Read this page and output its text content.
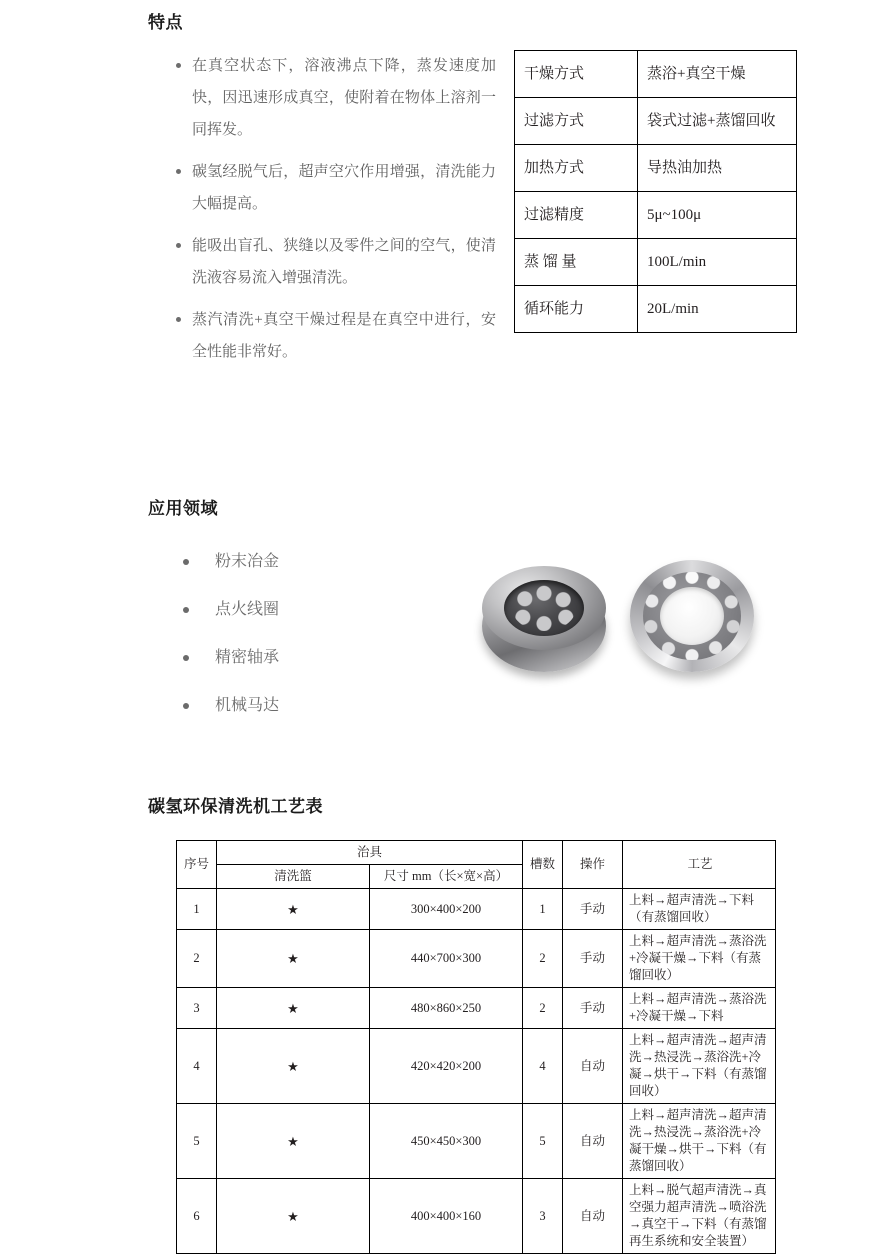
特点
在真空状态下，溶液沸点下降，蒸发速度加快，因迅速形成真空，使附着在物体上溶剂一同挥发。
碳氢经脱气后，超声空穴作用增强，清洗能力大幅提高。
能吸出盲孔、狭缝以及零件之间的空气，使清洗液容易流入增强清洗。
蒸汽清洗+真空干燥过程是在真空中进行，安全性能非常好。
干燥方式	蒸浴+真空干燥
过滤方式	袋式过滤+蒸馏回收
加热方式	导热油加热
过滤精度	5μ~100μ
蒸 馏 量	100L/min
循环能力	20L/min
应用领域
粉末冶金
点火线圈
精密轴承
机械马达
碳氢环保清洗机工艺表
序号	治具		槽数	操作	工艺
	清洗篮	尺寸 mm（长×宽×高）			
1	★	300×400×200	1	手动	上料→超声清洗→下料（有蒸馏回收）
2	★	440×700×300	2	手动	上料→超声清洗→蒸浴洗+冷凝干燥→下料（有蒸馏回收）
3	★	480×860×250	2	手动	上料→超声清洗→蒸浴洗+冷凝干燥→下料
4	★	420×420×200	4	自动	上料→超声清洗→超声清洗→热浸洗→蒸浴洗+冷凝→烘干→下料（有蒸馏回收）
5	★	450×450×300	5	自动	上料→超声清洗→超声清洗→热浸洗→蒸浴洗+冷凝干燥→烘干→下料（有蒸馏回收）
6	★	400×400×160	3	自动	上料→脱气超声清洗→真空强力超声清洗→喷浴洗→真空干→下料（有蒸馏再生系统和安全装置）
